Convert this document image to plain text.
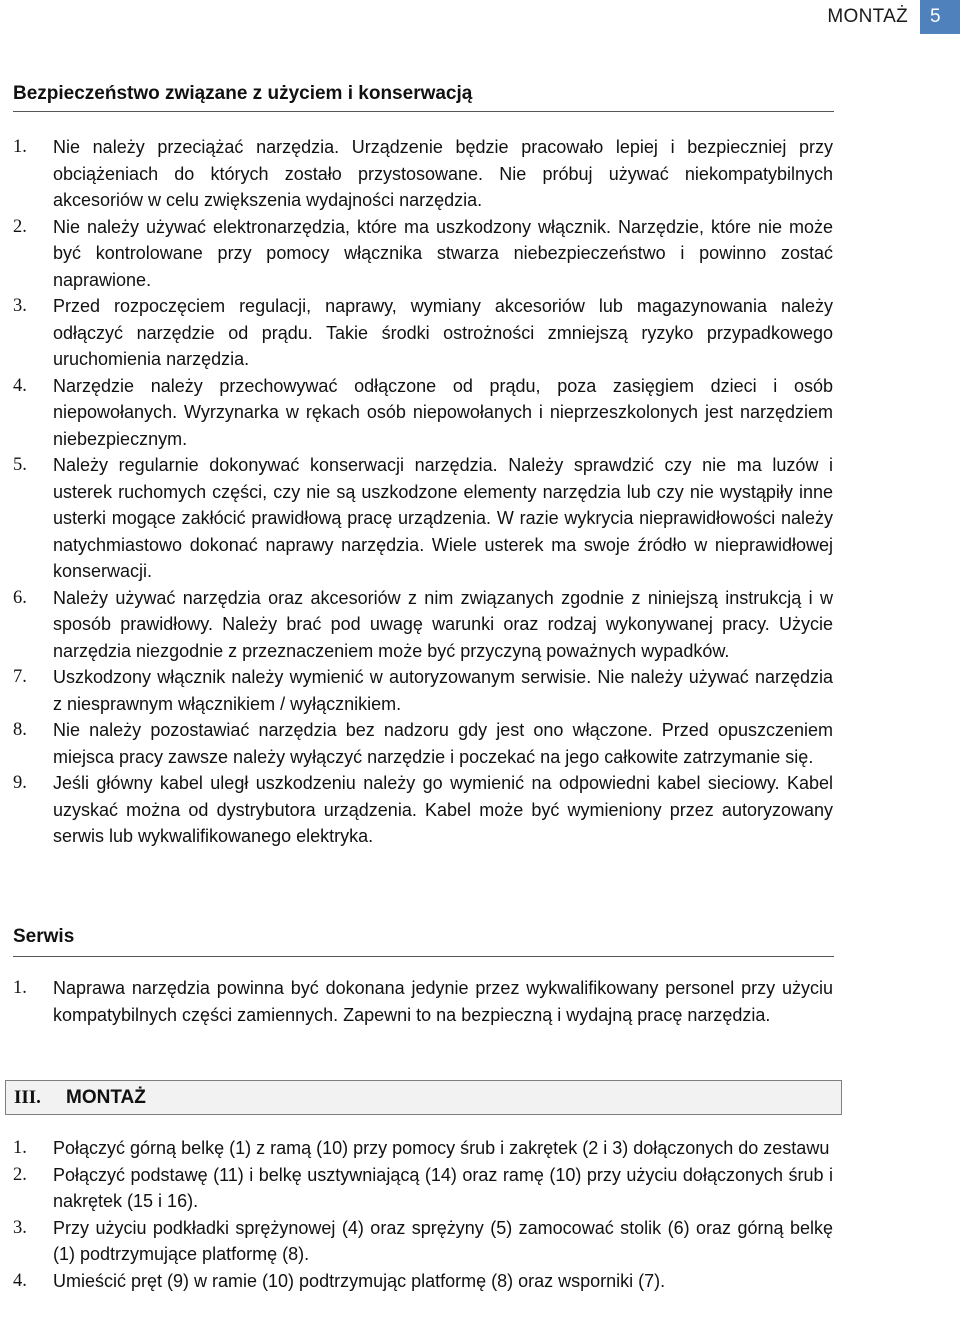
MONTAŻ	5
Bezpieczeństwo związane z użyciem i konserwacją
1.	Nie należy przeciążać narzędzia. Urządzenie będzie pracowało lepiej i bezpieczniej przy obciążeniach do których zostało przystosowane. Nie próbuj używać niekompatybilnych akcesoriów w celu zwiększenia wydajności narzędzia.
2.	Nie należy używać elektronarzędzia, które ma uszkodzony włącznik. Narzędzie, które nie może być kontrolowane przy pomocy włącznika stwarza niebezpieczeństwo i powinno zostać naprawione.
3.	Przed rozpoczęciem regulacji, naprawy, wymiany akcesoriów lub magazynowania należy odłączyć narzędzie od prądu. Takie środki ostrożności zmniejszą ryzyko przypadkowego uruchomienia narzędzia.
4.	Narzędzie należy przechowywać odłączone od prądu, poza zasięgiem dzieci i osób niepowołanych. Wyrzynarka w rękach osób niepowołanych i nieprzeszkolonych jest narzędziem niebezpiecznym.
5.	Należy regularnie dokonywać konserwacji narzędzia. Należy sprawdzić czy nie ma luzów i usterek ruchomych części, czy nie są uszkodzone elementy narzędzia lub czy nie wystąpiły inne usterki mogące zakłócić prawidłową pracę urządzenia. W razie wykrycia nieprawidłowości należy natychmiastowo dokonać naprawy narzędzia. Wiele usterek ma swoje źródło w nieprawidłowej konserwacji.
6.	Należy używać narzędzia oraz akcesoriów z nim związanych zgodnie z niniejszą instrukcją i w sposób prawidłowy. Należy brać pod uwagę warunki oraz rodzaj wykonywanej pracy. Użycie narzędzia niezgodnie z przeznaczeniem może być przyczyną poważnych wypadków.
7.	Uszkodzony włącznik należy wymienić w autoryzowanym serwisie. Nie należy używać narzędzia z niesprawnym włącznikiem / wyłącznikiem.
8.	Nie należy pozostawiać narzędzia bez nadzoru gdy jest ono włączone. Przed opuszczeniem miejsca pracy zawsze należy wyłączyć narzędzie i poczekać na jego całkowite zatrzymanie się.
9.	Jeśli główny kabel uległ uszkodzeniu należy go wymienić na odpowiedni kabel sieciowy. Kabel uzyskać można od dystrybutora urządzenia. Kabel może być wymieniony przez autoryzowany serwis lub wykwalifikowanego elektryka.
Serwis
1.	Naprawa narzędzia powinna być dokonana jedynie przez wykwalifikowany personel przy użyciu kompatybilnych części zamiennych. Zapewni to na bezpieczną i wydajną pracę narzędzia.
III.	MONTAŻ
1.	Połączyć górną belkę (1) z ramą (10) przy pomocy śrub i zakrętek (2 i 3) dołączonych do zestawu
2.	Połączyć podstawę (11) i belkę usztywniającą (14) oraz ramę (10) przy użyciu dołączonych śrub i nakrętek (15 i 16).
3.	Przy użyciu podkładki sprężynowej (4) oraz sprężyny (5) zamocować stolik (6) oraz górną belkę (1) podtrzymujące platformę (8).
4.	Umieścić pręt (9) w ramie (10) podtrzymując platformę (8) oraz wsporniki (7).
